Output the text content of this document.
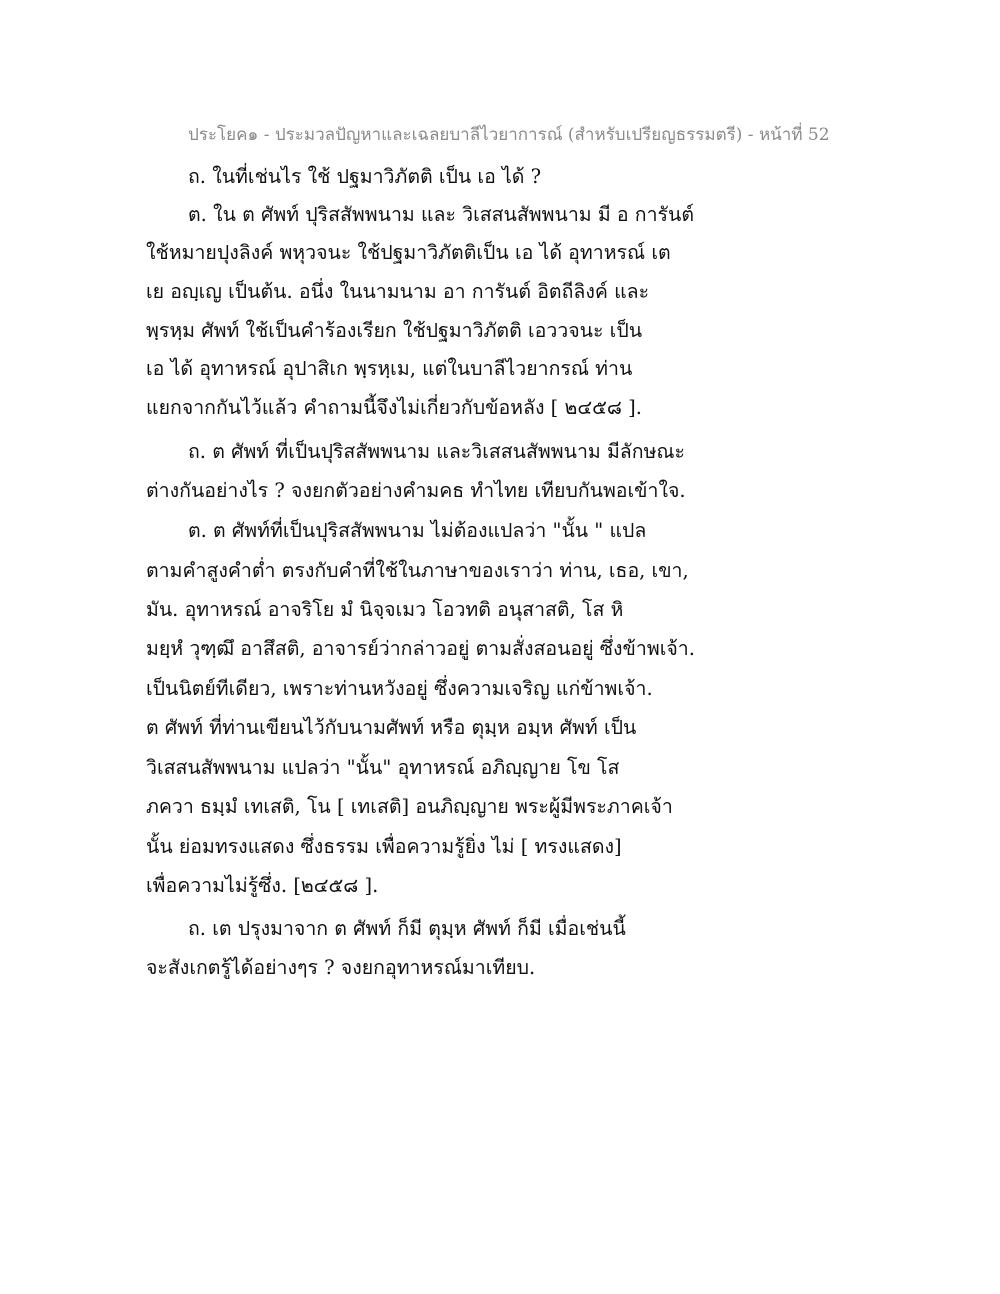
ประโยค๑ - ประมวลปัญหาและเฉลยบาลีไวยาการณ์ (สำหรับเปรียญธรรมตรี) - หน้าที่ 52
ถ. ในที่เช่นไร ใช้ ปฐมาวิภัตติ เป็น เอ ได้ ?
ต. ใน ต ศัพท์ ปุริสสัพพนาม และ วิเสสนสัพพนาม มี อ การันต์
ใช้หมายปุงลิงค์ พหุวจนะ ใช้ปฐมาวิภัตติเป็น เอ ได้ อุทาหรณ์ เต
เย อญฺเญ เป็นต้น. อนึ่ง ในนามนาม อา การันต์ อิตถีลิงค์ และ
พฺรหฺม ศัพท์ ใช้เป็นคำร้องเรียก ใช้ปฐมาวิภัตติ เอววจนะ เป็น
เอ ได้ อุทาหรณ์ อุปาสิเก พฺรหฺเม, แต่ในบาลีไวยากรณ์ ท่าน
แยกจากกันไว้แล้ว คำถามนี้จึงไม่เกี่ยวกับข้อหลัง [ ๒๔๕๘ ].
ถ. ต ศัพท์ ที่เป็นปุริสสัพพนาม และวิเสสนสัพพนาม มีลักษณะ
ต่างกันอย่างไร ? จงยกตัวอย่างคำมคธ ทำไทย เทียบกันพอเข้าใจ.
ต. ต ศัพท์ที่เป็นปุริสสัพพนาม ไม่ต้องแปลว่า "นั้น " แปล
ตามคำสูงคำต่ำ ตรงกับคำที่ใช้ในภาษาของเราว่า ท่าน, เธอ, เขา,
มัน. อุทาหรณ์ อาจริโย มํ นิจฺจเมว โอวทติ อนุสาสติ, โส หิ
มยฺหํ วุฑฺฒึ อาสึสติ, อาจารย์ว่ากล่าวอยู่ ตามสั่งสอนอยู่ ซึ่งข้าพเจ้า.
เป็นนิตย์ทีเดียว, เพราะท่านหวังอยู่ ซึ่งความเจริญ แก่ข้าพเจ้า.
ต ศัพท์ ที่ท่านเขียนไว้กับนามศัพท์ หรือ ตุมฺห อมฺห ศัพท์ เป็น
วิเสสนสัพพนาม แปลว่า "นั้น" อุทาหรณ์ อภิญฺญาย โข โส
ภควา ธมฺมํ เทเสติ, โน [ เทเสติ] อนภิญฺญาย พระผู้มีพระภาคเจ้า
นั้น ย่อมทรงแสดง ซึ่งธรรม เพื่อความรู้ยิ่ง ไม่ [ ทรงแสดง]
เพื่อความไม่รู้ซึ่ง. [๒๔๕๘ ].
ถ. เต ปรุงมาจาก ต ศัพท์ ก็มี ตุมฺห ศัพท์ ก็มี เมื่อเช่นนี้
จะสังเกตรู้ได้อย่างๆร ? จงยกอุทาหรณ์มาเทียบ.
